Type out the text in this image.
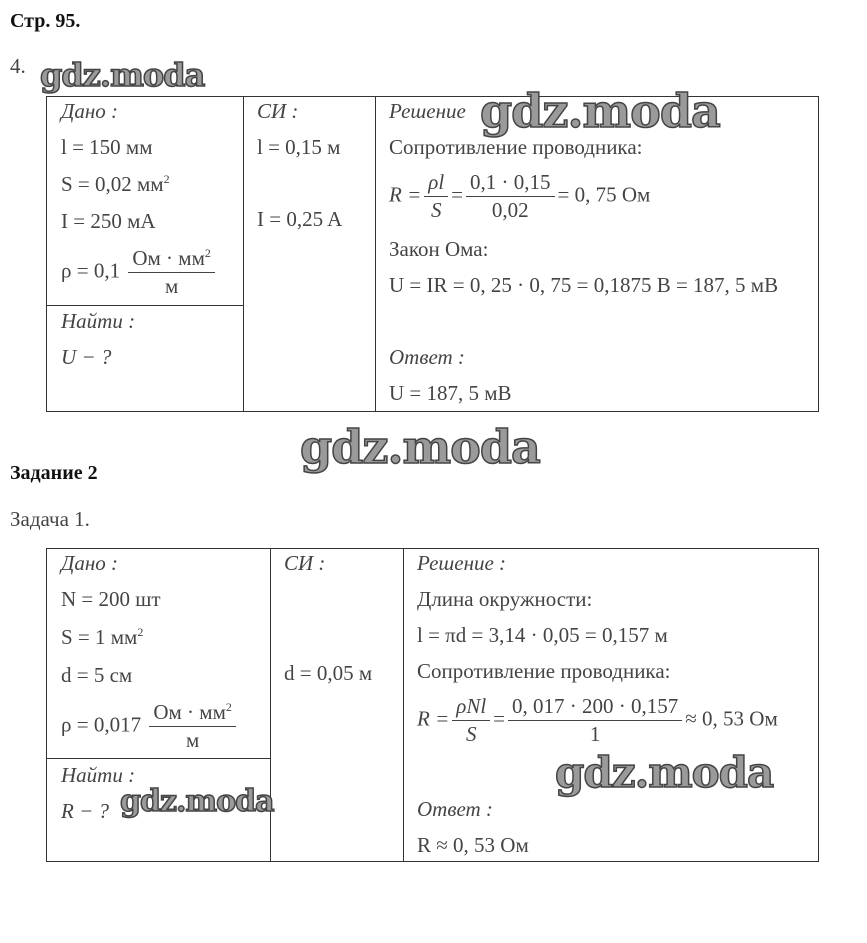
Стр. 95.
4. gdz.moda
Дано :
l = 150 мм
S = 0,02 $мм^2$
I = 250 мА
$\rho = 0,1 \frac{Ом \cdot мм^2}{м}$
Найти :
U − ?
СИ :
l = 0,15 м
I = 0,25 A
Решение
Сопротивление проводника:
$R = \frac{\rho l}{S} = \frac{0,1 \cdot 0,15}{0,02} = 0$, 75 Ом
Закон Ома:
U = IR = 0, 25 · 0, 75 = 0,1875 B = 187, 5 мВ
Ответ :
U = 187, 5 мВ
gdz.moda
gdz.moda
Задание 2
Задача 1.
Дано :
N = 200 шт
S = 1 $мм^2$
d = 5 см
$\rho = 0,017 \frac{Ом \cdot мм^2}{м}$
Найти :
R − ?
СИ :
d = 0,05 м
Решение :
Длина окружности:
l = πd = 3,14 · 0,05 = 0,157 м
Сопротивление проводника:
$R = \frac{\text{ρNl}}{S} = \frac{0, 017 \cdot 200 \cdot 0,157}{1} \approx 0$, 53 Ом
Ответ :
R ≈ 0, 53 Ом
gdz.moda
gdz.moda
